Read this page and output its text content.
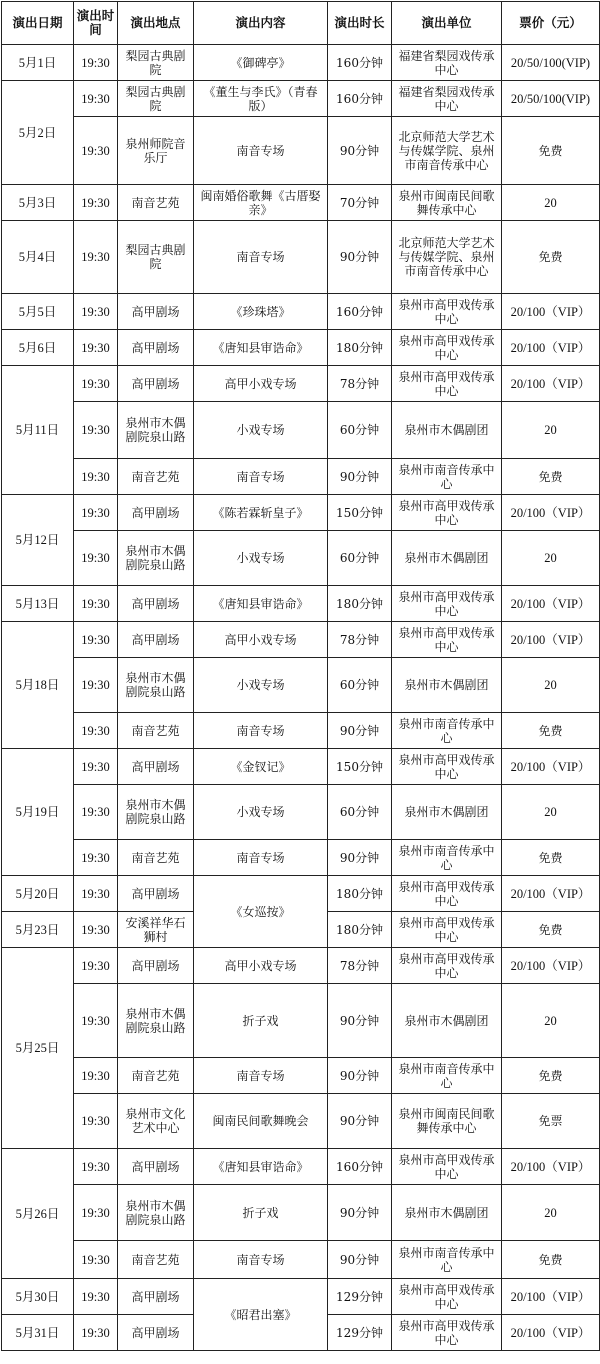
演出日期	演出时间	演出地点	演出内容	演出时长	演出单位	票价（元）
5月1日	19:30	梨园古典剧院	《御碑亭》	160分钟	福建省梨园戏传承中心	20/50/100(VIP)
5月2日	19:30	梨园古典剧院	《董生与李氏》（青春版）	160分钟	福建省梨园戏传承中心	20/50/100(VIP)
	19:30	泉州师院音乐厅	南音专场	90分钟	北京师范大学艺术与传媒学院、泉州市南音传承中心	免费
5月3日	19:30	南音艺苑	闽南婚俗歌舞《古厝娶亲》	70分钟	泉州市闽南民间歌舞传承中心	20
5月4日	19:30	梨园古典剧院	南音专场	90分钟	北京师范大学艺术与传媒学院、泉州市南音传承中心	免费
5月5日	19:30	高甲剧场	《珍珠塔》	160分钟	泉州市高甲戏传承中心	20/100（VIP）
5月6日	19:30	高甲剧场	《唐知县审诰命》	180分钟	泉州市高甲戏传承中心	20/100（VIP）
5月11日	19:30	高甲剧场	高甲小戏专场	78分钟	泉州市高甲戏传承中心	20/100（VIP）
	19:30	泉州市木偶剧院泉山路	小戏专场	60分钟	泉州市木偶剧团	20
	19:30	南音艺苑	南音专场	90分钟	泉州市南音传承中心	免费
5月12日	19:30	高甲剧场	《陈若霖斩皇子》	150分钟	泉州市高甲戏传承中心	20/100（VIP）
	19:30	泉州市木偶剧院泉山路	小戏专场	60分钟	泉州市木偶剧团	20
5月13日	19:30	高甲剧场	《唐知县审诰命》	180分钟	泉州市高甲戏传承中心	20/100（VIP）
5月18日	19:30	高甲剧场	高甲小戏专场	78分钟	泉州市高甲戏传承中心	20/100（VIP）
	19:30	泉州市木偶剧院泉山路	小戏专场	60分钟	泉州市木偶剧团	20
	19:30	南音艺苑	南音专场	90分钟	泉州市南音传承中心	免费
5月19日	19:30	高甲剧场	《金钗记》	150分钟	泉州市高甲戏传承中心	20/100（VIP）
	19:30	泉州市木偶剧院泉山路	小戏专场	60分钟	泉州市木偶剧团	20
	19:30	南音艺苑	南音专场	90分钟	泉州市南音传承中心	免费
5月20日	19:30	高甲剧场	《女巡按》	180分钟	泉州市高甲戏传承中心	20/100（VIP）
5月23日	19:30	安溪祥华石狮村		180分钟	泉州市高甲戏传承中心	免费
5月25日	19:30	高甲剧场	高甲小戏专场	78分钟	泉州市高甲戏传承中心	20/100（VIP）
	19:30	泉州市木偶剧院泉山路	折子戏	90分钟	泉州市木偶剧团	20
	19:30	南音艺苑	南音专场	90分钟	泉州市南音传承中心	免费
	19:30	泉州市文化艺术中心	闽南民间歌舞晚会	90分钟	泉州市闽南民间歌舞传承中心	免票
5月26日	19:30	高甲剧场	《唐知县审诰命》	160分钟	泉州市高甲戏传承中心	20/100（VIP）
	19:30	泉州市木偶剧院泉山路	折子戏	90分钟	泉州市木偶剧团	20
	19:30	南音艺苑	南音专场	90分钟	泉州市南音传承中心	免费
5月30日	19:30	高甲剧场	《昭君出塞》	129分钟	泉州市高甲戏传承中心	20/100（VIP）
5月31日	19:30	高甲剧场		129分钟	泉州市高甲戏传承中心	20/100（VIP）
